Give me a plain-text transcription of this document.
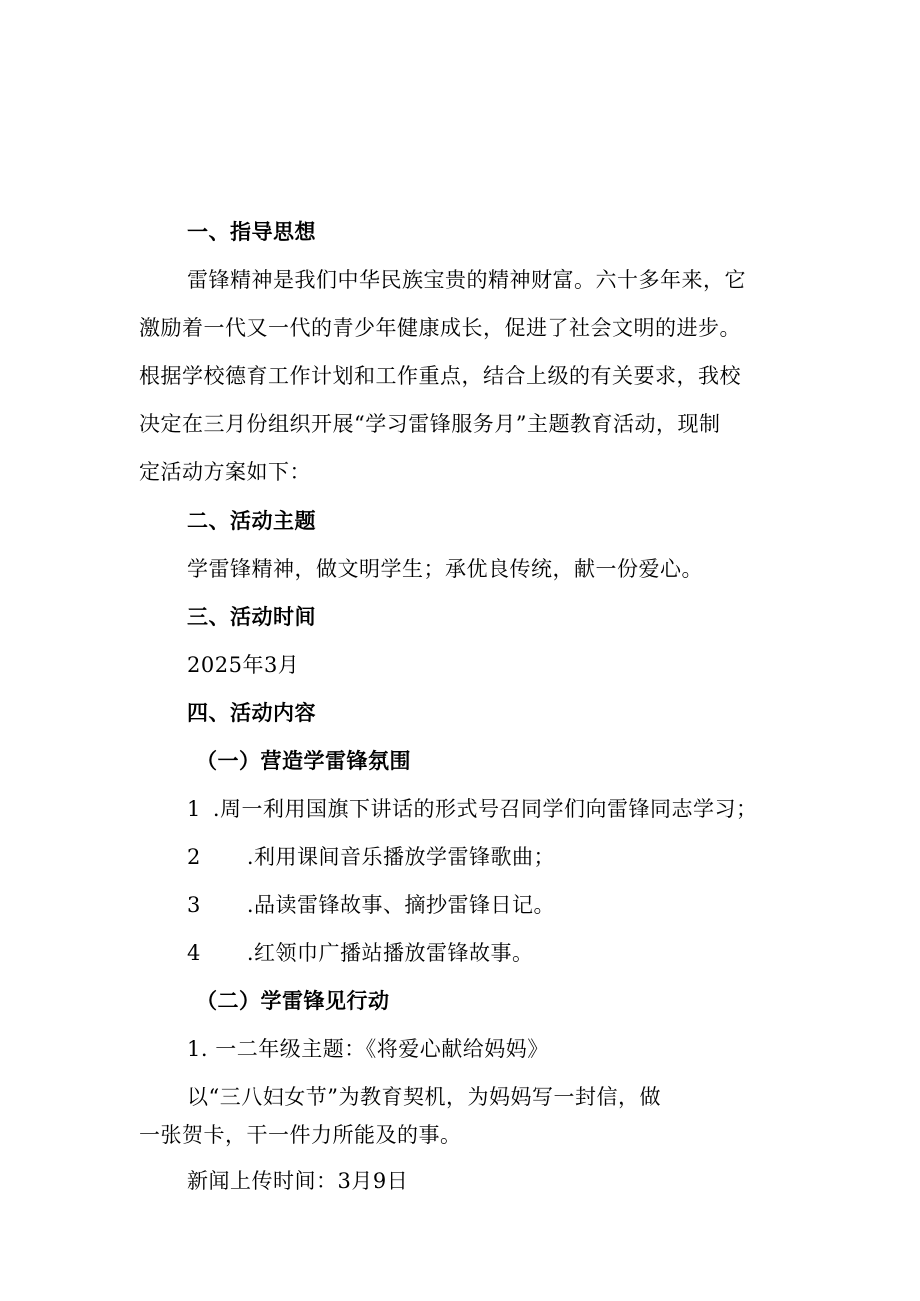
一、指导思想
雷锋精神是我们中华民族宝贵的精神财富。六十多年来，它
激励着一代又一代的青少年健康成长，促进了社会文明的进步。
根据学校德育工作计划和工作重点，结合上级的有关要求，我校
决定在三月份组织开展“学习雷锋服务月”主题教育活动，现制
定活动方案如下：
二、活动主题
学雷锋精神，做文明学生；承优良传统，献一份爱心。
三、活动时间
2025年3月
四、活动内容
（一）营造学雷锋氛围
1 .周一利用国旗下讲话的形式号召同学们向雷锋同志学习；
2 .利用课间音乐播放学雷锋歌曲；
3 .品读雷锋故事、摘抄雷锋日记。
4 .红领巾广播站播放雷锋故事。
（二）学雷锋见行动
1. 一二年级主题：《将爱心献给妈妈》
以“三八妇女节”为教育契机，为妈妈写一封信，做
一张贺卡，干一件力所能及的事。
新闻上传时间：3月9日
